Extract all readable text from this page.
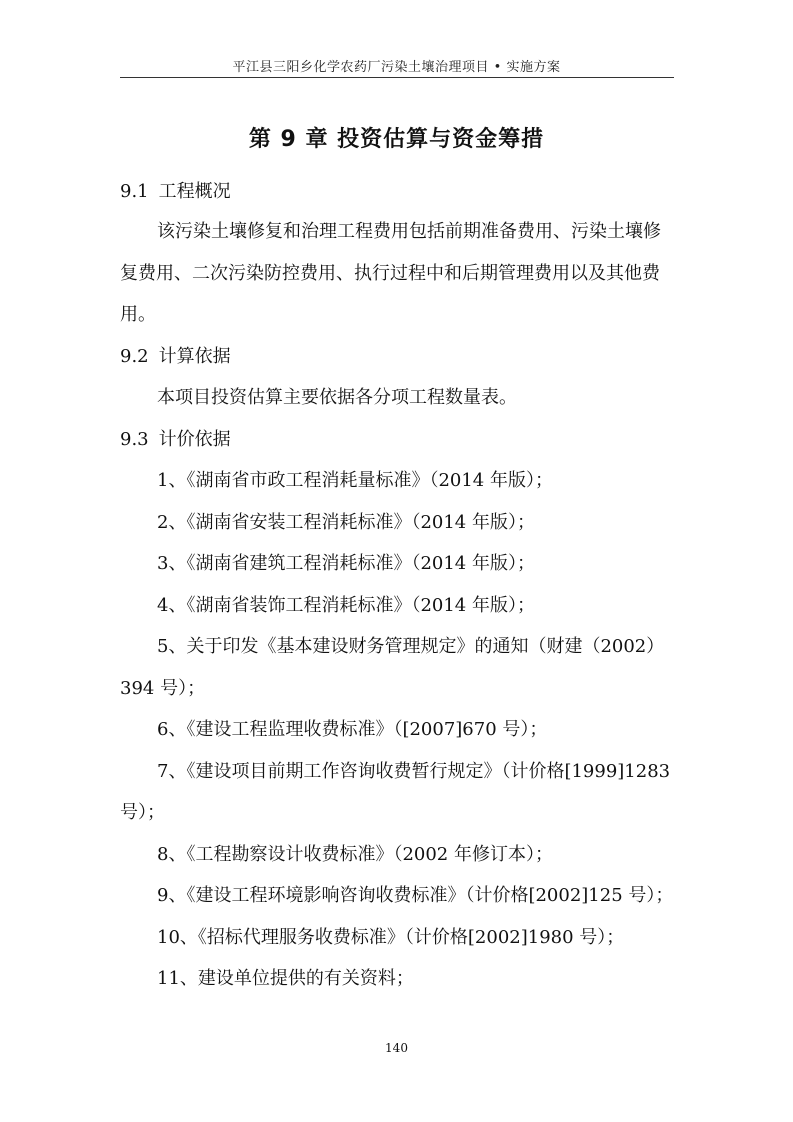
平江县三阳乡化学农药厂污染土壤治理项目 • 实施方案
第 9 章 投资估算与资金筹措
9.1 工程概况
该污染土壤修复和治理工程费用包括前期准备费用、污染土壤修
复费用、二次污染防控费用、执行过程中和后期管理费用以及其他费
用。
9.2 计算依据
本项目投资估算主要依据各分项工程数量表。
9.3 计价依据
1、《湖南省市政工程消耗量标准》（2014 年版）；
2、《湖南省安装工程消耗标准》（2014 年版）；
3、《湖南省建筑工程消耗标准》（2014 年版）；
4、《湖南省装饰工程消耗标准》（2014 年版）；
5、关于印发《基本建设财务管理规定》的通知（财建（2002）
394 号）；
6、《建设工程监理收费标准》（[2007]670 号）；
7、《建设项目前期工作咨询收费暂行规定》（计价格[1999]1283
号）；
8、《工程勘察设计收费标准》（2002 年修订本）；
9、《建设工程环境影响咨询收费标准》（计价格[2002]125 号）；
10、《招标代理服务收费标准》（计价格[2002]1980 号）；
11、建设单位提供的有关资料；
140
